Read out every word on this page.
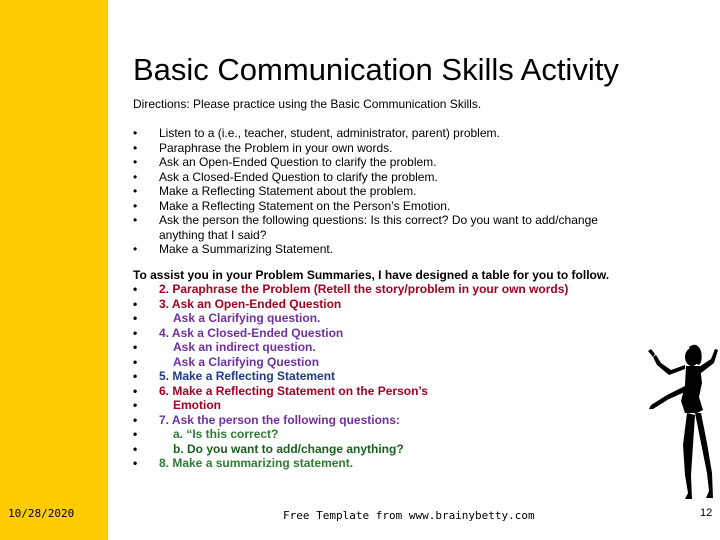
Basic Communication Skills Activity
Directions: Please practice using the Basic Communication Skills.
• Listen to a (i.e., teacher, student, administrator, parent) problem.
• Paraphrase the Problem in your own words.
• Ask an Open-Ended Question to clarify the problem.
• Ask a Closed-Ended Question to clarify the problem.
• Make a Reflecting Statement about the problem.
• Make a Reflecting Statement on the Person’s Emotion.
• Ask the person the following questions: Is this correct? Do you want to add/change
anything that I said?
• Make a Summarizing Statement.
To assist you in your Problem Summaries, I have designed a table for you to follow.
• 2. Paraphrase the Problem (Retell the story/problem in your own words)
• 3. Ask an Open-Ended Question
• Ask a Clarifying question.
• 4. Ask a Closed-Ended Question
• Ask an indirect question.
• Ask a Clarifying Question
• 5. Make a Reflecting Statement
• 6. Make a Reflecting Statement on the Person’s
• Emotion
• 7. Ask the person the following questions:
• a. “Is this correct?
• b. Do you want to add/change anything?
• 8. Make a summarizing statement.
10/28/2020	Free Template from www.brainybetty.com	12
